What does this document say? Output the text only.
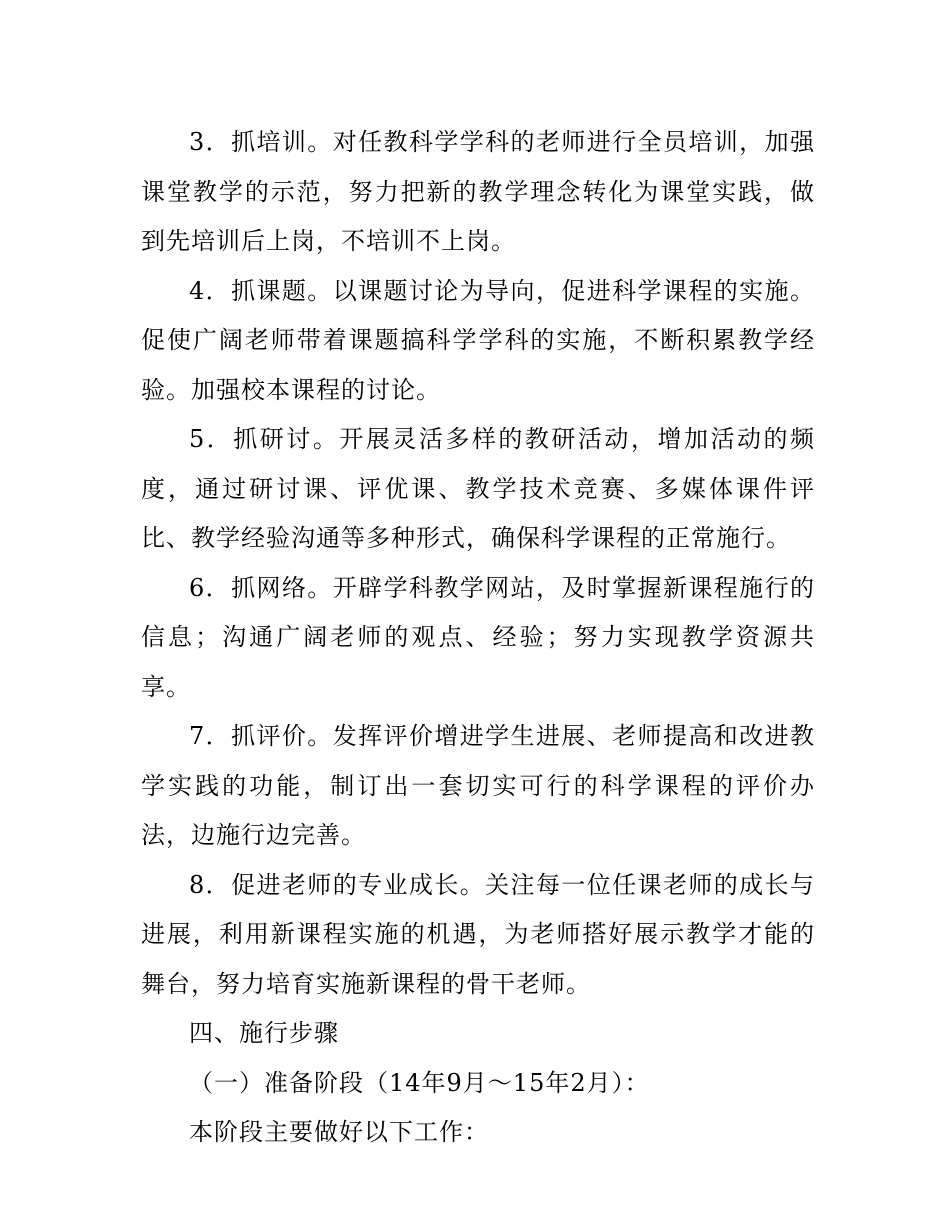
3．抓培训。对任教科学学科的老师进行全员培训，加强课堂教学的示范，努力把新的教学理念转化为课堂实践，做到先培训后上岗，不培训不上岗。

4．抓课题。以课题讨论为导向，促进科学课程的实施。促使广阔老师带着课题搞科学学科的实施，不断积累教学经验。加强校本课程的讨论。

5．抓研讨。开展灵活多样的教研活动，增加活动的频度，通过研讨课、评优课、教学技术竞赛、多媒体课件评比、教学经验沟通等多种形式，确保科学课程的正常施行。

6．抓网络。开辟学科教学网站，及时掌握新课程施行的信息；沟通广阔老师的观点、经验；努力实现教学资源共享。

7．抓评价。发挥评价增进学生进展、老师提高和改进教学实践的功能，制订出一套切实可行的科学课程的评价办法，边施行边完善。

8．促进老师的专业成长。关注每一位任课老师的成长与进展，利用新课程实施的机遇，为老师搭好展示教学才能的舞台，努力培育实施新课程的骨干老师。

四、施行步骤

（一）准备阶段（14年9月～15年2月）：

本阶段主要做好以下工作：
